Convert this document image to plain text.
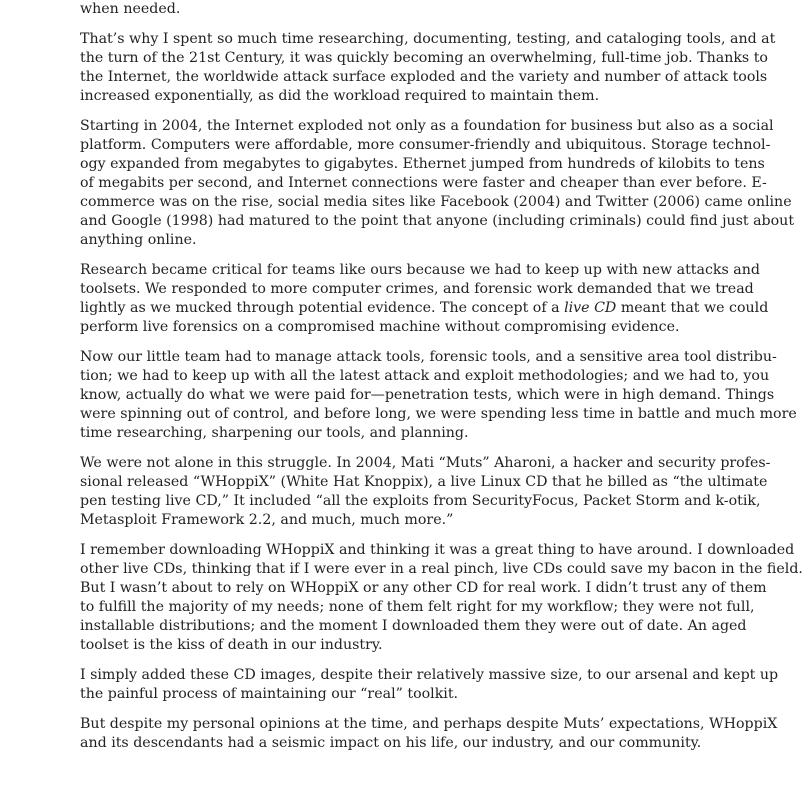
when needed.
That’s why I spent so much time researching, documenting, testing, and cataloging tools, and at
the turn of the 21st Century, it was quickly becoming an overwhelming, full-time job. Thanks to
the Internet, the worldwide attack surface exploded and the variety and number of attack tools
increased exponentially, as did the workload required to maintain them.
Starting in 2004, the Internet exploded not only as a foundation for business but also as a social
platform. Computers were affordable, more consumer-friendly and ubiquitous. Storage technol-
ogy expanded from megabytes to gigabytes. Ethernet jumped from hundreds of kilobits to tens
of megabits per second, and Internet connections were faster and cheaper than ever before. E-
commerce was on the rise, social media sites like Facebook (2004) and Twitter (2006) came online
and Google (1998) had matured to the point that anyone (including criminals) could find just about
anything online.
Research became critical for teams like ours because we had to keep up with new attacks and
toolsets. We responded to more computer crimes, and forensic work demanded that we tread
lightly as we mucked through potential evidence. The concept of a live CD meant that we could
perform live forensics on a compromised machine without compromising evidence.
Now our little team had to manage attack tools, forensic tools, and a sensitive area tool distribu-
tion; we had to keep up with all the latest attack and exploit methodologies; and we had to, you
know, actually do what we were paid for—penetration tests, which were in high demand. Things
were spinning out of control, and before long, we were spending less time in battle and much more
time researching, sharpening our tools, and planning.
We were not alone in this struggle. In 2004, Mati “Muts” Aharoni, a hacker and security profes-
sional released “WHoppiX” (White Hat Knoppix), a live Linux CD that he billed as “the ultimate
pen testing live CD,” It included “all the exploits from SecurityFocus, Packet Storm and k-otik,
Metasploit Framework 2.2, and much, much more.”
I remember downloading WHoppiX and thinking it was a great thing to have around. I downloaded
other live CDs, thinking that if I were ever in a real pinch, live CDs could save my bacon in the field.
But I wasn’t about to rely on WHoppiX or any other CD for real work. I didn’t trust any of them
to fulfill the majority of my needs; none of them felt right for my workflow; they were not full,
installable distributions; and the moment I downloaded them they were out of date. An aged
toolset is the kiss of death in our industry.
I simply added these CD images, despite their relatively massive size, to our arsenal and kept up
the painful process of maintaining our “real” toolkit.
But despite my personal opinions at the time, and perhaps despite Muts’ expectations, WHoppiX
and its descendants had a seismic impact on his life, our industry, and our community.
